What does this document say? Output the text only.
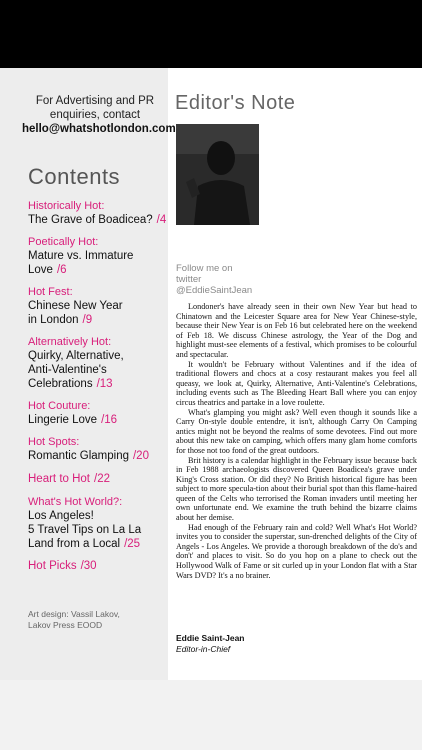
For Advertising and PR
enquiries, contact
hello@whatshotlondon.com
Contents
Historically Hot:
The Grave of Boadicea? /4
Poetically Hot:
Mature vs. Immature
Love /6
Hot Fest:
Chinese New Year
in London /9
Alternatively Hot:
Quirky, Alternative,
Anti-Valentine's
Celebrations /13
Hot Couture:
Lingerie Love /16
Hot Spots:
Romantic Glamping /20
Heart to Hot /22
What's Hot World?:
Los Angeles!
5 Travel Tips on La La
Land from a Local /25
Hot Picks /30
Art design: Vassil Lakov,
Lakov Press EOOD
Editor's Note
Follow me on
twitter
@EddieSaintJean

Londoner's have already seen in their own New Year but head to Chinatown and the Leicester Square area for New Year Chinese-style, because their New Year is on Feb 16 but celebrated here on the weekend of Feb 18. We discuss Chinese astrology, the Year of the Dog and highlight must-see elements of a festival, which promises to be colourful and spectacular.

It wouldn't be February without Valentines and if the idea of traditional flowers and chocs at a cosy restaurant makes you feel all queasy, we look at, Quirky, Alternative, Anti-Valentine's Celebrations, including events such as The Bleeding Heart Ball where you can enjoy circus theatrics and partake in a love roulette.

What's glamping you might ask? Well even though it sounds like a Carry On-style double entendre, it isn't, although Carry On Camping antics might not be beyond the realms of some devotees. Find out more about this new take on camping, which offers many glam home comforts for those not too fond of the great outdoors.

Brit history is a calendar highlight in the February issue because back in Feb 1988 archaeologists discovered Queen Boadicea's grave under King's Cross station. Or did they? No British historical figure has been subject to more specula-tion about their burial spot than this flame-haired queen of the Celts who terrorised the Roman invaders until meeting her own unfortunate end. We examine the truth behind the bizarre claims about her demise.

Had enough of the February rain and cold? Well What's Hot World? invites you to consider the superstar, sun-drenched delights of the City of Angels - Los Angeles. We provide a thorough breakdown of the do's and don't' and places to visit. So do you hop on a plane to check out the Hollywood Walk of Fame or sit curled up in your London flat with a Star Wars DVD? It's a no brainer.

Eddie Saint-Jean
Editor-in-Chief
